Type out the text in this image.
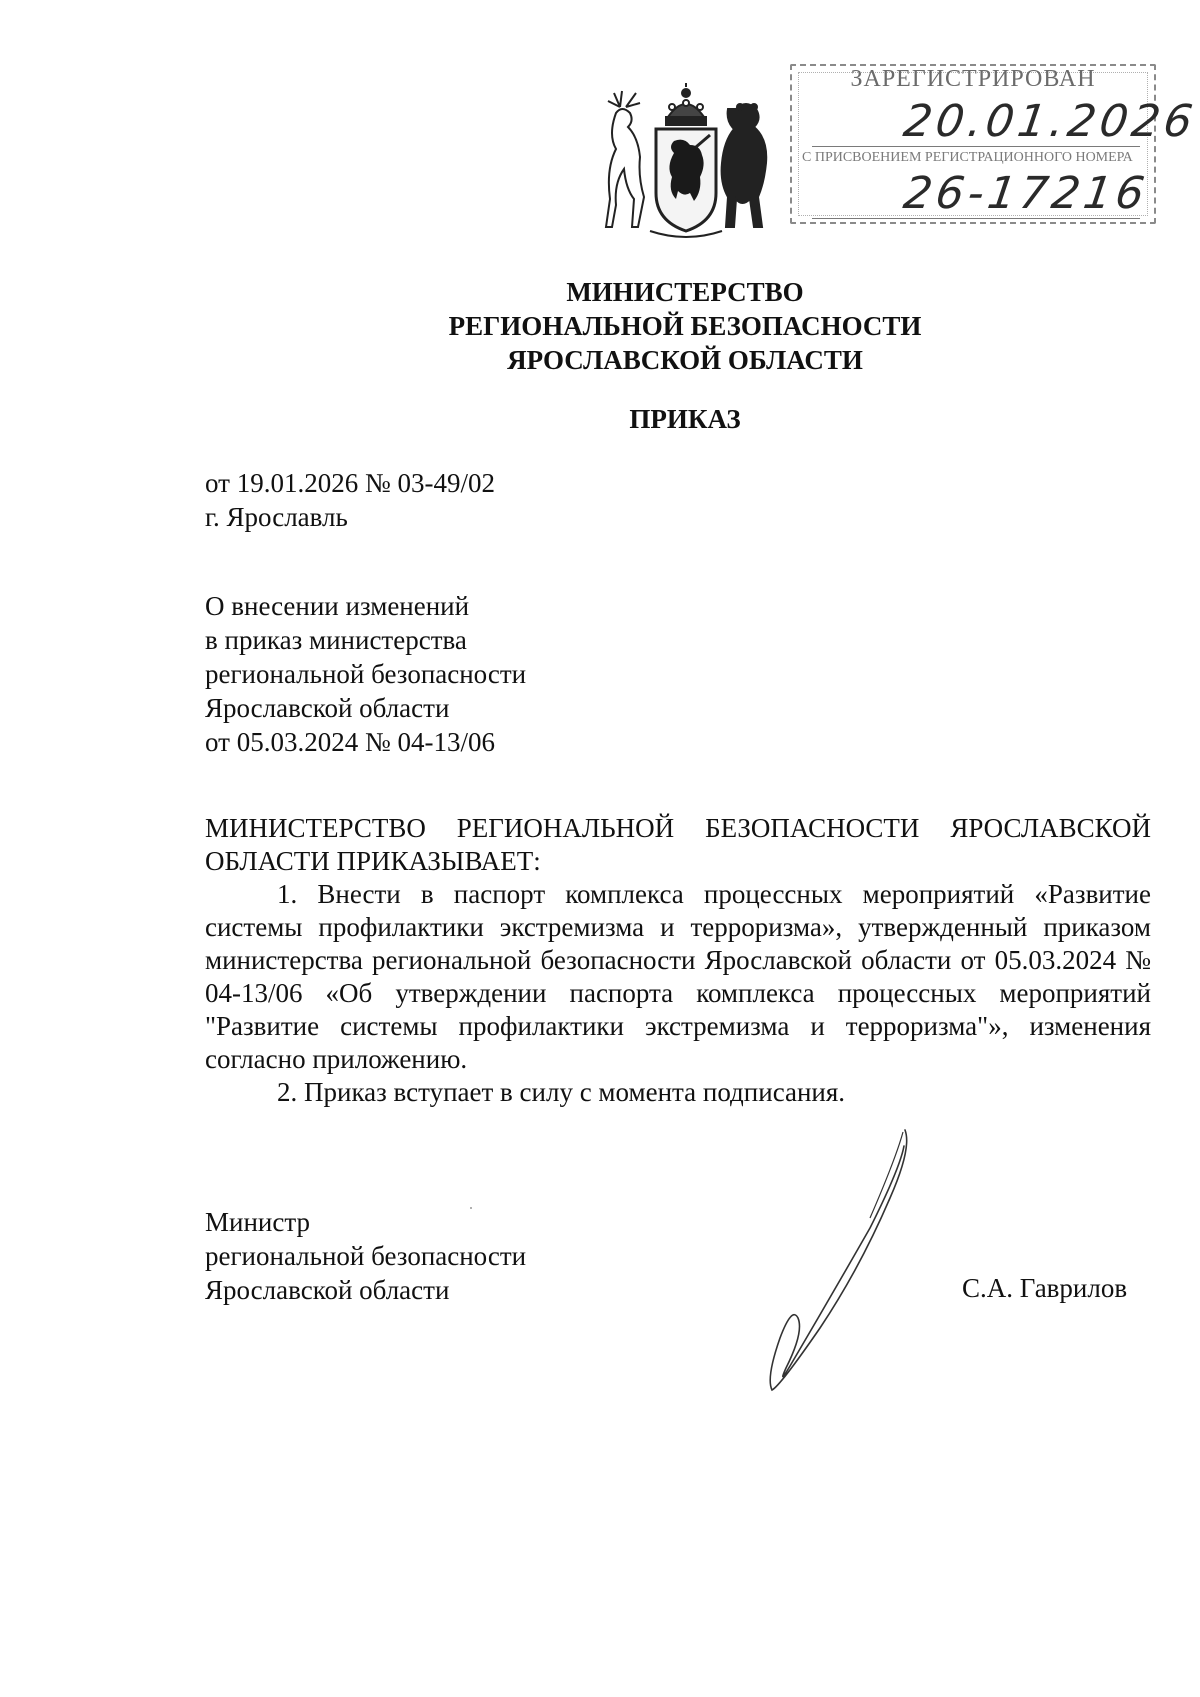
ЗАРЕГИСТРИРОВАН
20.01.2026
С ПРИСВОЕНИЕМ РЕГИСТРАЦИОННОГО НОМЕРА
26-17216
МИНИСТЕРСТВО
РЕГИОНАЛЬНОЙ БЕЗОПАСНОСТИ
ЯРОСЛАВСКОЙ ОБЛАСТИ
ПРИКАЗ
от 19.01.2026 № 03-49/02
г. Ярославль
О внесении изменений
в приказ министерства
региональной безопасности
Ярославской области
от 05.03.2024 № 04-13/06

МИНИСТЕРСТВО РЕГИОНАЛЬНОЙ БЕЗОПАСНОСТИ ЯРОСЛАВСКОЙ ОБЛАСТИ ПРИКАЗЫВАЕТ:

1. Внести в паспорт комплекса процессных мероприятий «Развитие системы профилактики экстремизма и терроризма», утвержденный приказом министерства региональной безопасности Ярославской области от 05.03.2024 № 04-13/06 «Об утверждении паспорта комплекса процессных мероприятий "Развитие системы профилактики экстремизма и терроризма"», изменения согласно приложению.

2. Приказ вступает в силу с момента подписания.

Министр
региональной безопасности
Ярославской области	С.А. Гаврилов
